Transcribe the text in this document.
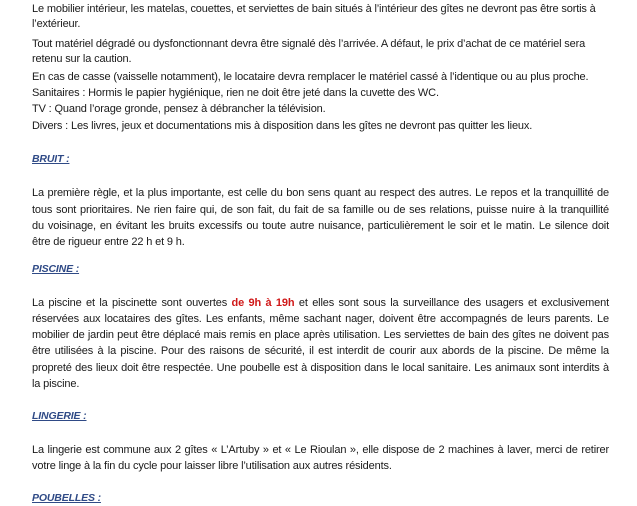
Le mobilier intérieur, les matelas, couettes, et serviettes de bain situés à l’intérieur des gîtes ne devront pas être sortis à
l’extérieur.
Tout matériel dégradé ou dysfonctionnant devra être signalé dès l’arrivée. A défaut, le prix d’achat de ce matériel sera
retenu sur la caution.
En cas de casse (vaisselle notamment), le locataire devra remplacer le matériel cassé à l’identique ou au plus proche.
Sanitaires : Hormis le papier hygiénique, rien ne doit être jeté dans la cuvette des WC.
TV : Quand l’orage gronde, pensez à débrancher la télévision.
Divers : Les livres, jeux et documentations mis à disposition dans les gîtes ne devront pas quitter les lieux.
BRUIT :
La première règle, et la plus importante, est celle du bon sens quant au respect des autres. Le repos et la tranquillité de
tous sont prioritaires. Ne rien faire qui, de son fait, du fait de sa famille ou de ses relations, puisse nuire à la tranquillité
du voisinage, en évitant les bruits excessifs ou toute autre nuisance, particulièrement le soir et le matin. Le silence doit
être de rigueur entre 22 h et 9 h.
PISCINE :
La piscine et la piscinette sont ouvertes de 9h à 19h et elles sont sous la surveillance des usagers et exclusivement
réservées aux locataires des gîtes. Les enfants, même sachant nager, doivent être accompagnés de leurs parents. Le
mobilier de jardin peut être déplacé mais remis en place après utilisation. Les serviettes de bain des gîtes ne doivent pas
être utilisées à la piscine. Pour des raisons de sécurité, il est interdit de courir aux abords de la piscine. De même la
propreté des lieux doit être respectée. Une poubelle est à disposition dans le local sanitaire. Les animaux sont interdits à
la piscine.
LINGERIE :
La lingerie est commune aux 2 gîtes « L’Artuby » et « Le Rioulan », elle dispose de 2 machines à laver, merci de retirer
votre linge à la fin du cycle pour laisser libre l’utilisation aux autres résidents.
POUBELLES :
